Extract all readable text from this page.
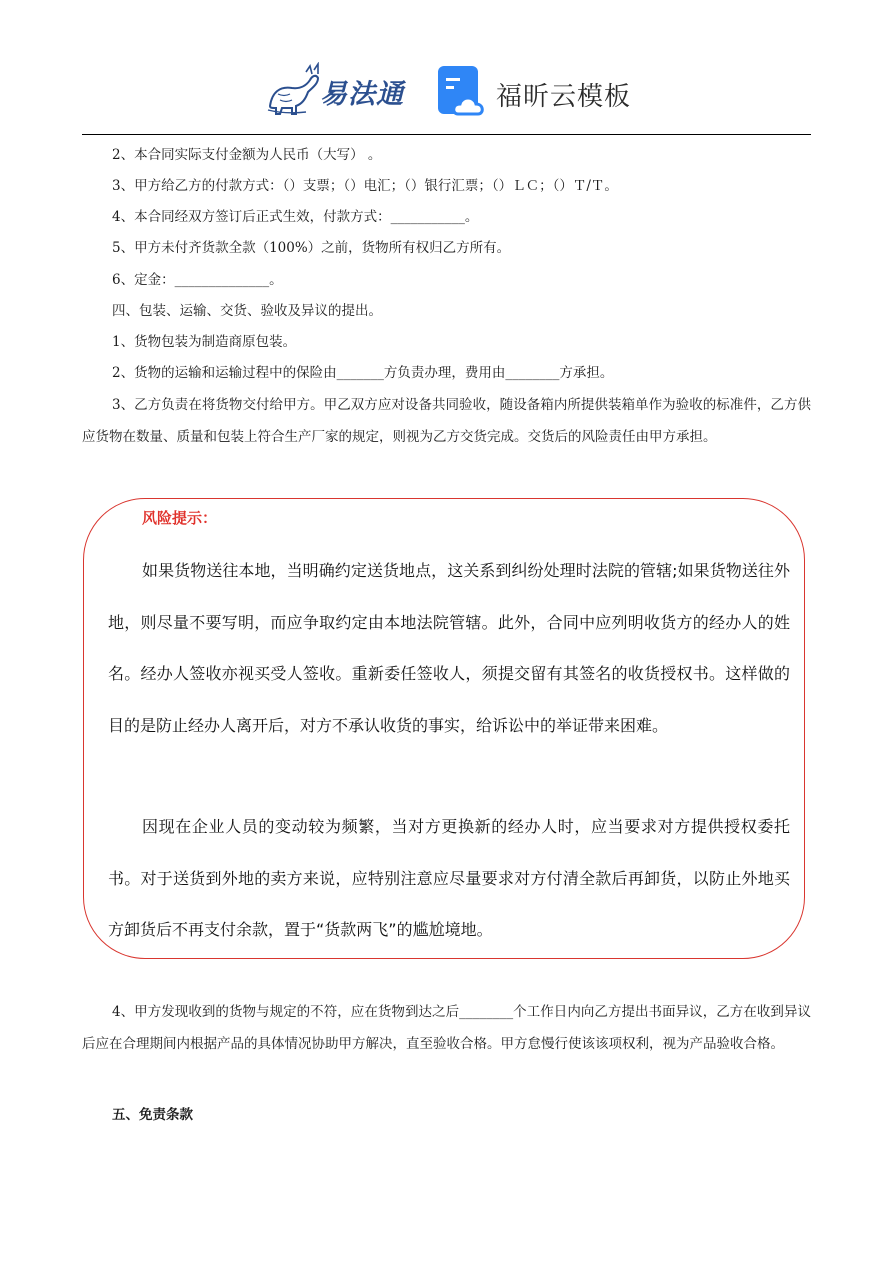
易法通	福昕云模板
2、本合同实际支付金额为人民币（大写） 。
3、甲方给乙方的付款方式：（）支票；（）电汇；（）银行汇票；（）ＬＣ；（）Ｔ/Ｔ。
4、本合同经双方签订后正式生效，付款方式：___________。
5、甲方未付齐货款全款（100%）之前，货物所有权归乙方所有。
6、定金：______________。
四、包装、运输、交货、验收及异议的提出。
1、货物包装为制造商原包装。
2、货物的运输和运输过程中的保险由_______方负责办理，费用由________方承担。
3、乙方负责在将货物交付给甲方。甲乙双方应对设备共同验收，随设备箱内所提供装箱单作为验收的标准件，乙方供应货物在数量、质量和包装上符合生产厂家的规定，则视为乙方交货完成。交货后的风险责任由甲方承担。
风险提示：
如果货物送往本地，当明确约定送货地点，这关系到纠纷处理时法院的管辖;如果货物送往外地，则尽量不要写明，而应争取约定由本地法院管辖。此外，合同中应列明收货方的经办人的姓名。经办人签收亦视买受人签收。重新委任签收人，须提交留有其签名的收货授权书。这样做的目的是防止经办人离开后，对方不承认收货的事实，给诉讼中的举证带来困难。
因现在企业人员的变动较为频繁，当对方更换新的经办人时，应当要求对方提供授权委托书。对于送货到外地的卖方来说，应特别注意应尽量要求对方付清全款后再卸货，以防止外地买方卸货后不再支付余款，置于“货款两飞”的尴尬境地。
4、甲方发现收到的货物与规定的不符，应在货物到达之后________个工作日内向乙方提出书面异议，乙方在收到异议后应在合理期间内根据产品的具体情况协助甲方解决，直至验收合格。甲方怠慢行使该该项权利，视为产品验收合格。
五、免责条款
